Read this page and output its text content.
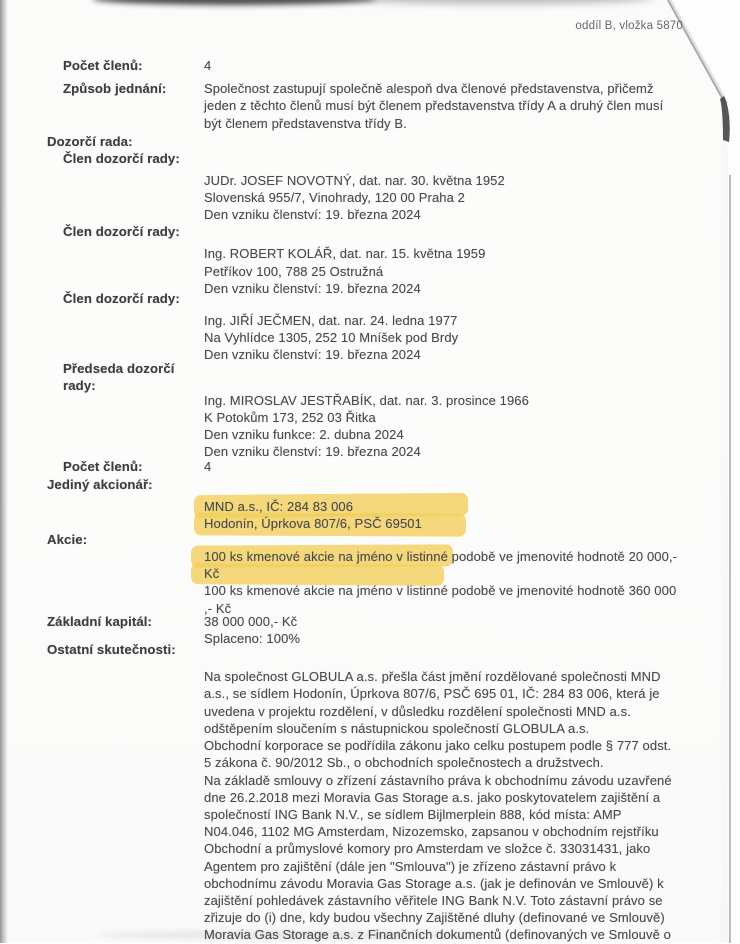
oddíl B, vložka 5870
Počet členů:	4
Způsob jednání:	Společnost zastupují společně alespoň dva členové představenstva, přičemž
jeden z těchto členů musí být členem představenstva třídy A a druhý člen musí
být členem představenstva třídy B.
Dozorčí rada:
Člen dozorčí rady:
JUDr. JOSEF NOVOTNÝ, dat. nar. 30. května 1952
Slovenská 955/7, Vinohrady, 120 00 Praha 2
Den vzniku členství: 19. března 2024
Člen dozorčí rady:
Ing. ROBERT KOLÁŘ, dat. nar. 15. května 1959
Petříkov 100, 788 25 Ostružná
Den vzniku členství: 19. března 2024
Člen dozorčí rady:
Ing. JIŘÍ JEČMEN, dat. nar. 24. ledna 1977
Na Vyhlídce 1305, 252 10 Mníšek pod Brdy
Den vzniku členství: 19. března 2024
Předseda dozorčí rady:
Ing. MIROSLAV JESTŘABÍK, dat. nar. 3. prosince 1966
K Potokům 173, 252 03 Řitka
Den vzniku funkce: 2. dubna 2024
Den vzniku členství: 19. března 2024
Počet členů:	4
Jediný akcionář:
MND a.s., IČ: 284 83 006
Hodonín, Úprkova 807/6, PSČ 69501
Akcie:
100 ks kmenové akcie na jméno v listinné podobě ve jmenovité hodnotě 20 000,-
Kč
100 ks kmenové akcie na jméno v listinné podobě ve jmenovité hodnotě 360 000
,- Kč
Základní kapitál:	38 000 000,- Kč
Splaceno: 100%
Ostatní skutečnosti:
Na společnost GLOBULA a.s. přešla část jmění rozdělované společnosti MND
a.s., se sídlem Hodonín, Úprkova 807/6, PSČ 695 01, IČ: 284 83 006, která je
uvedena v projektu rozdělení, v důsledku rozdělení společnosti MND a.s.
odštěpením sloučením s nástupnickou společností GLOBULA a.s.
Obchodní korporace se podřídila zákonu jako celku postupem podle § 777 odst.
5 zákona č. 90/2012 Sb., o obchodních společnostech a družstvech.
Na základě smlouvy o zřízení zástavního práva k obchodnímu závodu uzavřené
dne 26.2.2018 mezi Moravia Gas Storage a.s. jako poskytovatelem zajištění a
společností ING Bank N.V., se sídlem Bijlmerplein 888, kód místa: AMP
N04.046, 1102 MG Amsterdam, Nizozemsko, zapsanou v obchodním rejstříku
Obchodní a průmyslové komory pro Amsterdam ve složce č. 33031431, jako
Agentem pro zajištění (dále jen "Smlouva") je zřízeno zástavní právo k
obchodnímu závodu Moravia Gas Storage a.s. (jak je definován ve Smlouvě) k
zajištění pohledávek zástavního věřitele ING Bank N.V. Toto zástavní právo se
zřizuje do (i) dne, kdy budou všechny Zajištěné dluhy (definované ve Smlouvě)
Moravia Gas Storage a.s. z Finančních dokumentů (definovaných ve Smlouvě o
